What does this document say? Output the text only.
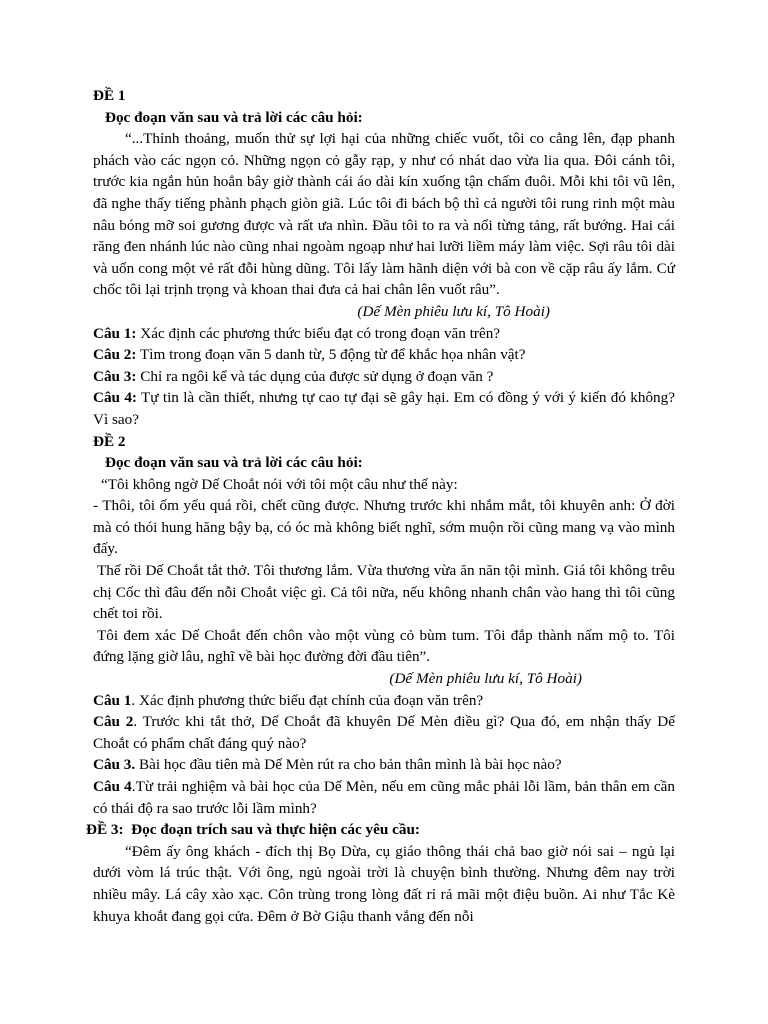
ĐỀ 1
Đọc đoạn văn sau và trả lời các câu hỏi:
“...Thỉnh thoảng, muốn thử sự lợi hại của những chiếc vuốt, tôi co cẳng lên, đạp phanh phách vào các ngọn cỏ. Những ngọn cỏ gẫy rạp, y như có nhát dao vừa lia qua. Đôi cánh tôi, trước kia ngắn hủn hoẳn bây giờ thành cái áo dài kín xuống tận chấm đuôi. Mỗi khi tôi vũ lên, đã nghe thấy tiếng phành phạch giòn giã. Lúc tôi đi bách bộ thì cả người tôi rung rinh một màu nâu bóng mỡ soi gương được và rất ưa nhìn. Đầu tôi to ra và nổi từng tảng, rất bướng. Hai cái răng đen nhánh lúc nào cũng nhai ngoàm ngoạp như hai lưỡi liềm máy làm việc. Sợi râu tôi dài và uốn cong một vẻ rất đỗi hùng dũng. Tôi lấy làm hãnh diện với bà con về cặp râu ấy lắm. Cứ chốc tôi lại trịnh trọng và khoan thai đưa cả hai chân lên vuốt râu”.
(Dế Mèn phiêu lưu kí, Tô Hoài)
Câu 1: Xác định các phương thức biểu đạt có trong đoạn văn trên?
Câu 2: Tìm trong đoạn văn 5 danh từ, 5 động từ để khắc họa nhân vật?
Câu 3: Chỉ ra ngôi kể và tác dụng của được sử dụng ở đoạn văn ?
Câu 4: Tự tin là cần thiết, nhưng tự cao tự đại sẽ gây hại. Em có đồng ý với ý kiến đó không? Vì sao?
ĐỀ 2
Đọc đoạn văn sau và trả lời các câu hỏi:
“Tôi không ngờ Dế Choắt nói với tôi một câu như thế này:
- Thôi, tôi ốm yếu quá rồi, chết cũng được. Nhưng trước khi nhắm mắt, tôi khuyên anh: Ở đời mà có thói hung hăng bậy bạ, có óc mà không biết nghĩ, sớm muộn rồi cũng mang vạ vào mình đấy.
Thế rồi Dế Choắt tắt thở. Tôi thương lắm. Vừa thương vừa ăn năn tội mình. Giá tôi không trêu chị Cốc thì đâu đến nỗi Choắt việc gì. Cả tôi nữa, nếu không nhanh chân vào hang thì tôi cũng chết toi rồi.
Tôi đem xác Dế Choắt đến chôn vào một vùng cỏ bùm tum. Tôi đắp thành nấm mộ to. Tôi đứng lặng giờ lâu, nghĩ về bài học đường đời đầu tiên”.
(Dế Mèn phiêu lưu kí, Tô Hoài)
Câu 1. Xác định phương thức biểu đạt chính của đoạn văn trên?
Câu 2. Trước khi tắt thở, Dế Choắt đã khuyên Dế Mèn điều gì? Qua đó, em nhận thấy Dế Choắt có phẩm chất đáng quý nào?
Câu 3. Bài học đầu tiên mà Dế Mèn rút ra cho bản thân mình là bài học nào?
Câu 4.Từ trải nghiệm và bài học của Dế Mèn, nếu em cũng mắc phải lỗi lầm, bản thân em cần có thái độ ra sao trước lỗi lầm mình?
ĐỀ 3:  Đọc đoạn trích sau và thực hiện các yêu cầu:
“Đêm ấy ông khách - đích thị Bọ Dừa, cụ giáo thông thái chả bao giờ nói sai – ngủ lại dưới vòm lá trúc thật. Với ông, ngủ ngoài trời là chuyện bình thường. Nhưng đêm nay trời nhiều mây. Lá cây xào xạc. Côn trùng trong lòng đất rỉ rả mãi một điệu buồn. Ai như Tắc Kè khuya khoắt đang gọi cửa. Đêm ở Bờ Giậu thanh vắng đến nỗi
